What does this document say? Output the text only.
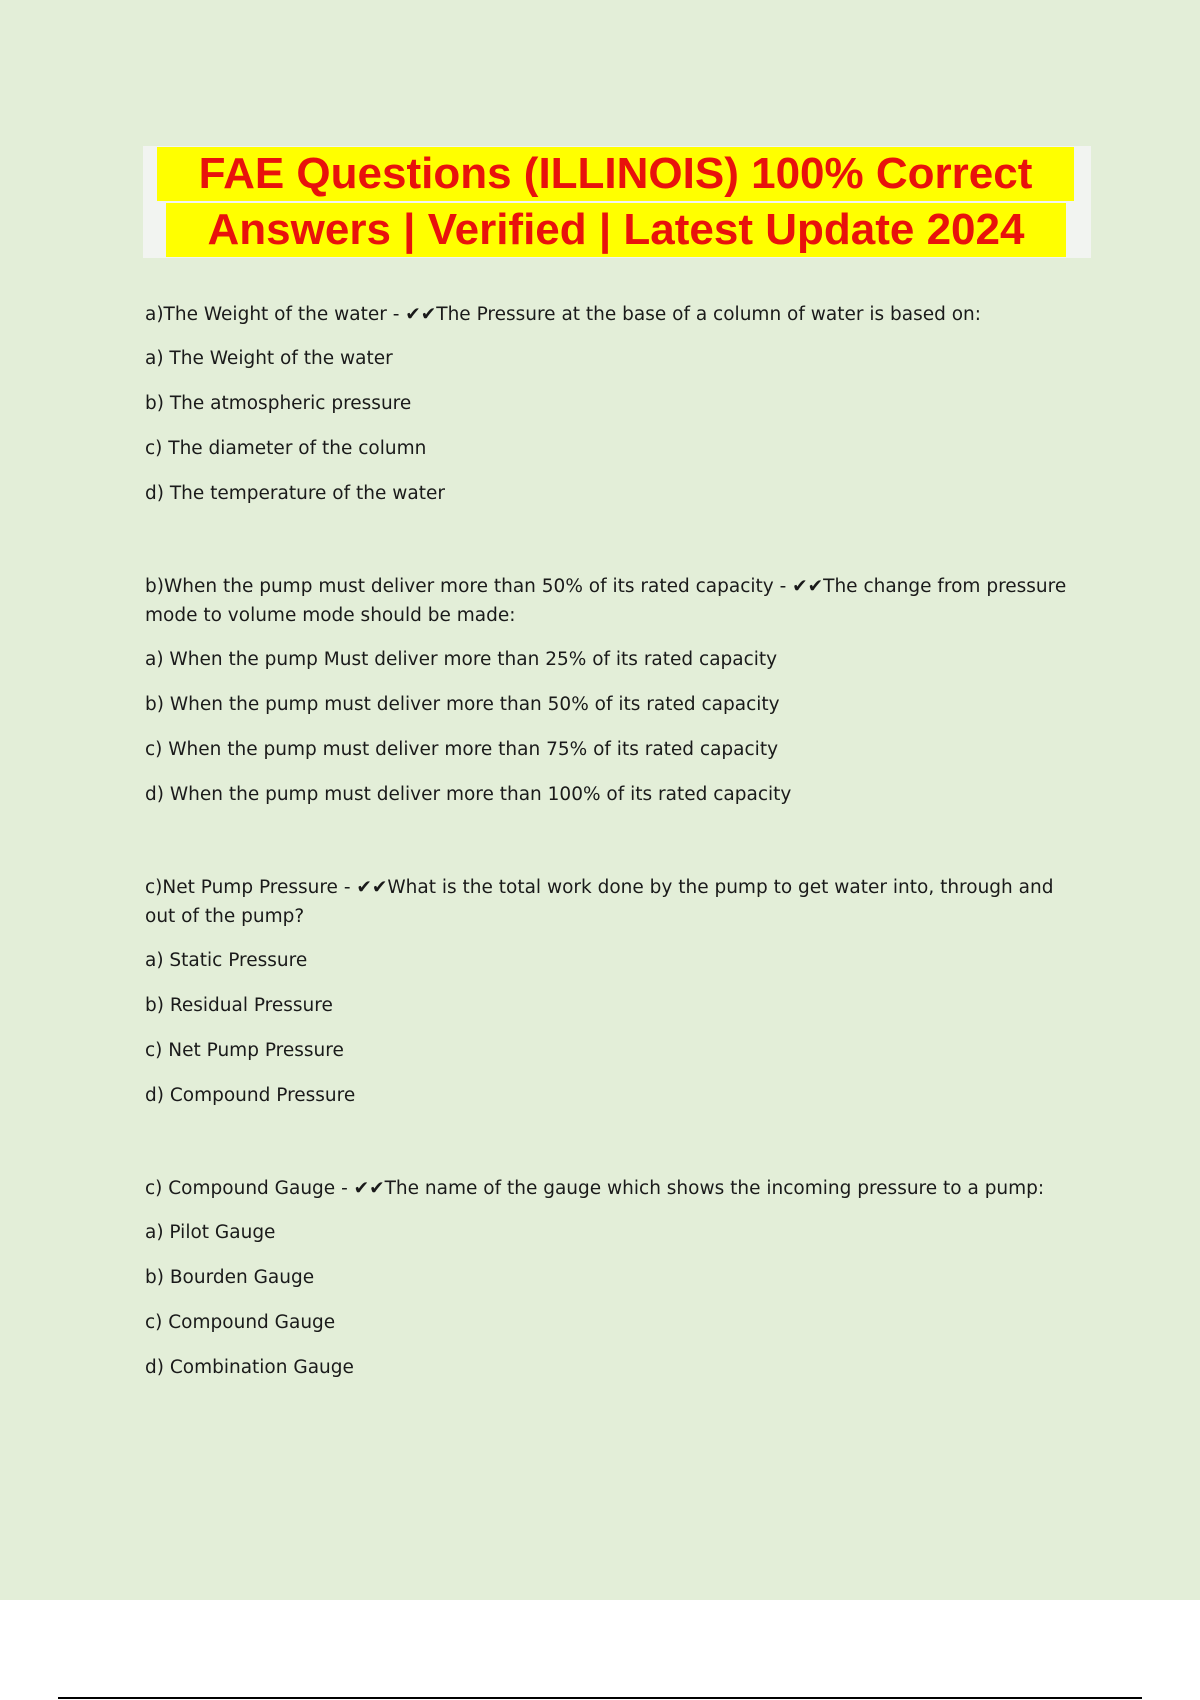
FAE Questions (ILLINOIS) 100% Correct
Answers | Verified | Latest Update 2024

a)The Weight of the water - ✔✔The Pressure at the base of a column of water is based on:

a) The Weight of the water

b) The atmospheric pressure

c) The diameter of the column

d) The temperature of the water

b)When the pump must deliver more than 50% of its rated capacity - ✔✔The change from pressure mode to volume mode should be made:

a) When the pump Must deliver more than 25% of its rated capacity

b) When the pump must deliver more than 50% of its rated capacity

c) When the pump must deliver more than 75% of its rated capacity

d) When the pump must deliver more than 100% of its rated capacity

c)Net Pump Pressure - ✔✔What is the total work done by the pump to get water into, through and out of the pump?

a) Static Pressure

b) Residual Pressure

c) Net Pump Pressure

d) Compound Pressure

c) Compound Gauge - ✔✔The name of the gauge which shows the incoming pressure to a pump:

a) Pilot Gauge

b) Bourden Gauge

c) Compound Gauge

d) Combination Gauge
